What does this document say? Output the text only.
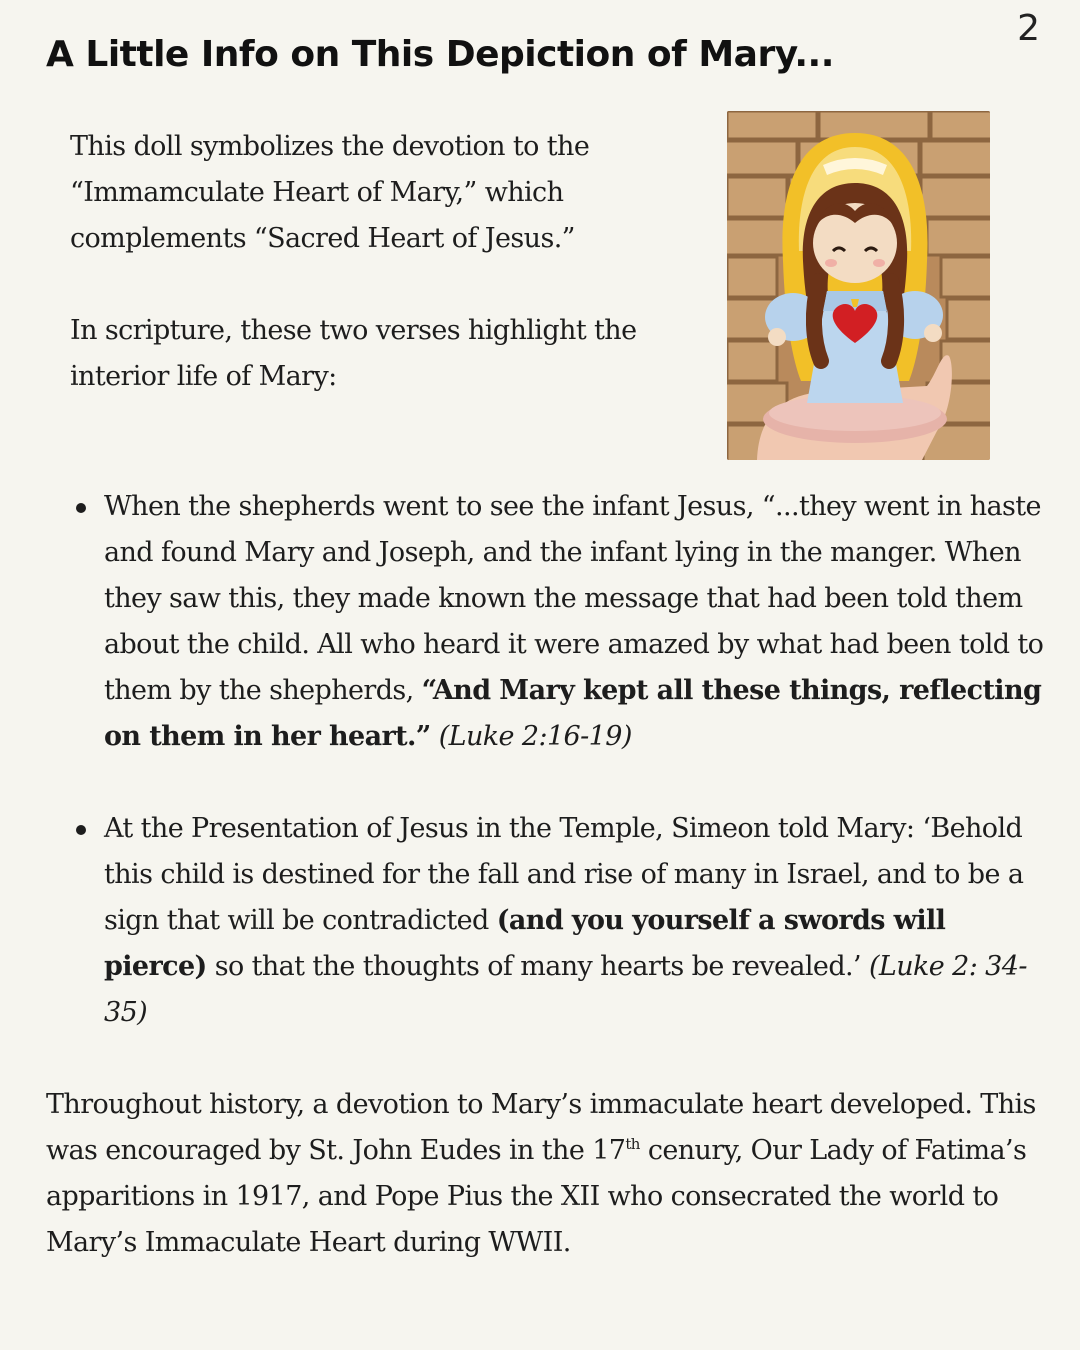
2
A Little Info on This Depiction of Mary...

This doll symbolizes the devotion to the “Immamculate Heart of Mary,” which complements “Sacred Heart of Jesus.”

In scripture, these two verses highlight the interior life of Mary:

When the shepherds went to see the infant Jesus, “...they went in haste and found Mary and Joseph, and the infant lying in the manger. When they saw this, they made known the message that had been told them about the child. All who heard it were amazed by what had been told to them by the shepherds, “And Mary kept all these things, reflecting on them in her heart.” (Luke 2:16-19)
At the Presentation of Jesus in the Temple, Simeon told Mary: ‘Behold this child is destined for the fall and rise of many in Israel, and to be a sign that will be contradicted (and you yourself a swords will pierce) so that the thoughts of many hearts be revealed.’ (Luke 2: 34-35)

Throughout history, a devotion to Mary’s immaculate heart developed. This was encouraged by St. John Eudes in the 17th cenury, Our Lady of Fatima’s apparitions in 1917, and Pope Pius the XII who consecrated the world to Mary’s Immaculate Heart during WWII.
